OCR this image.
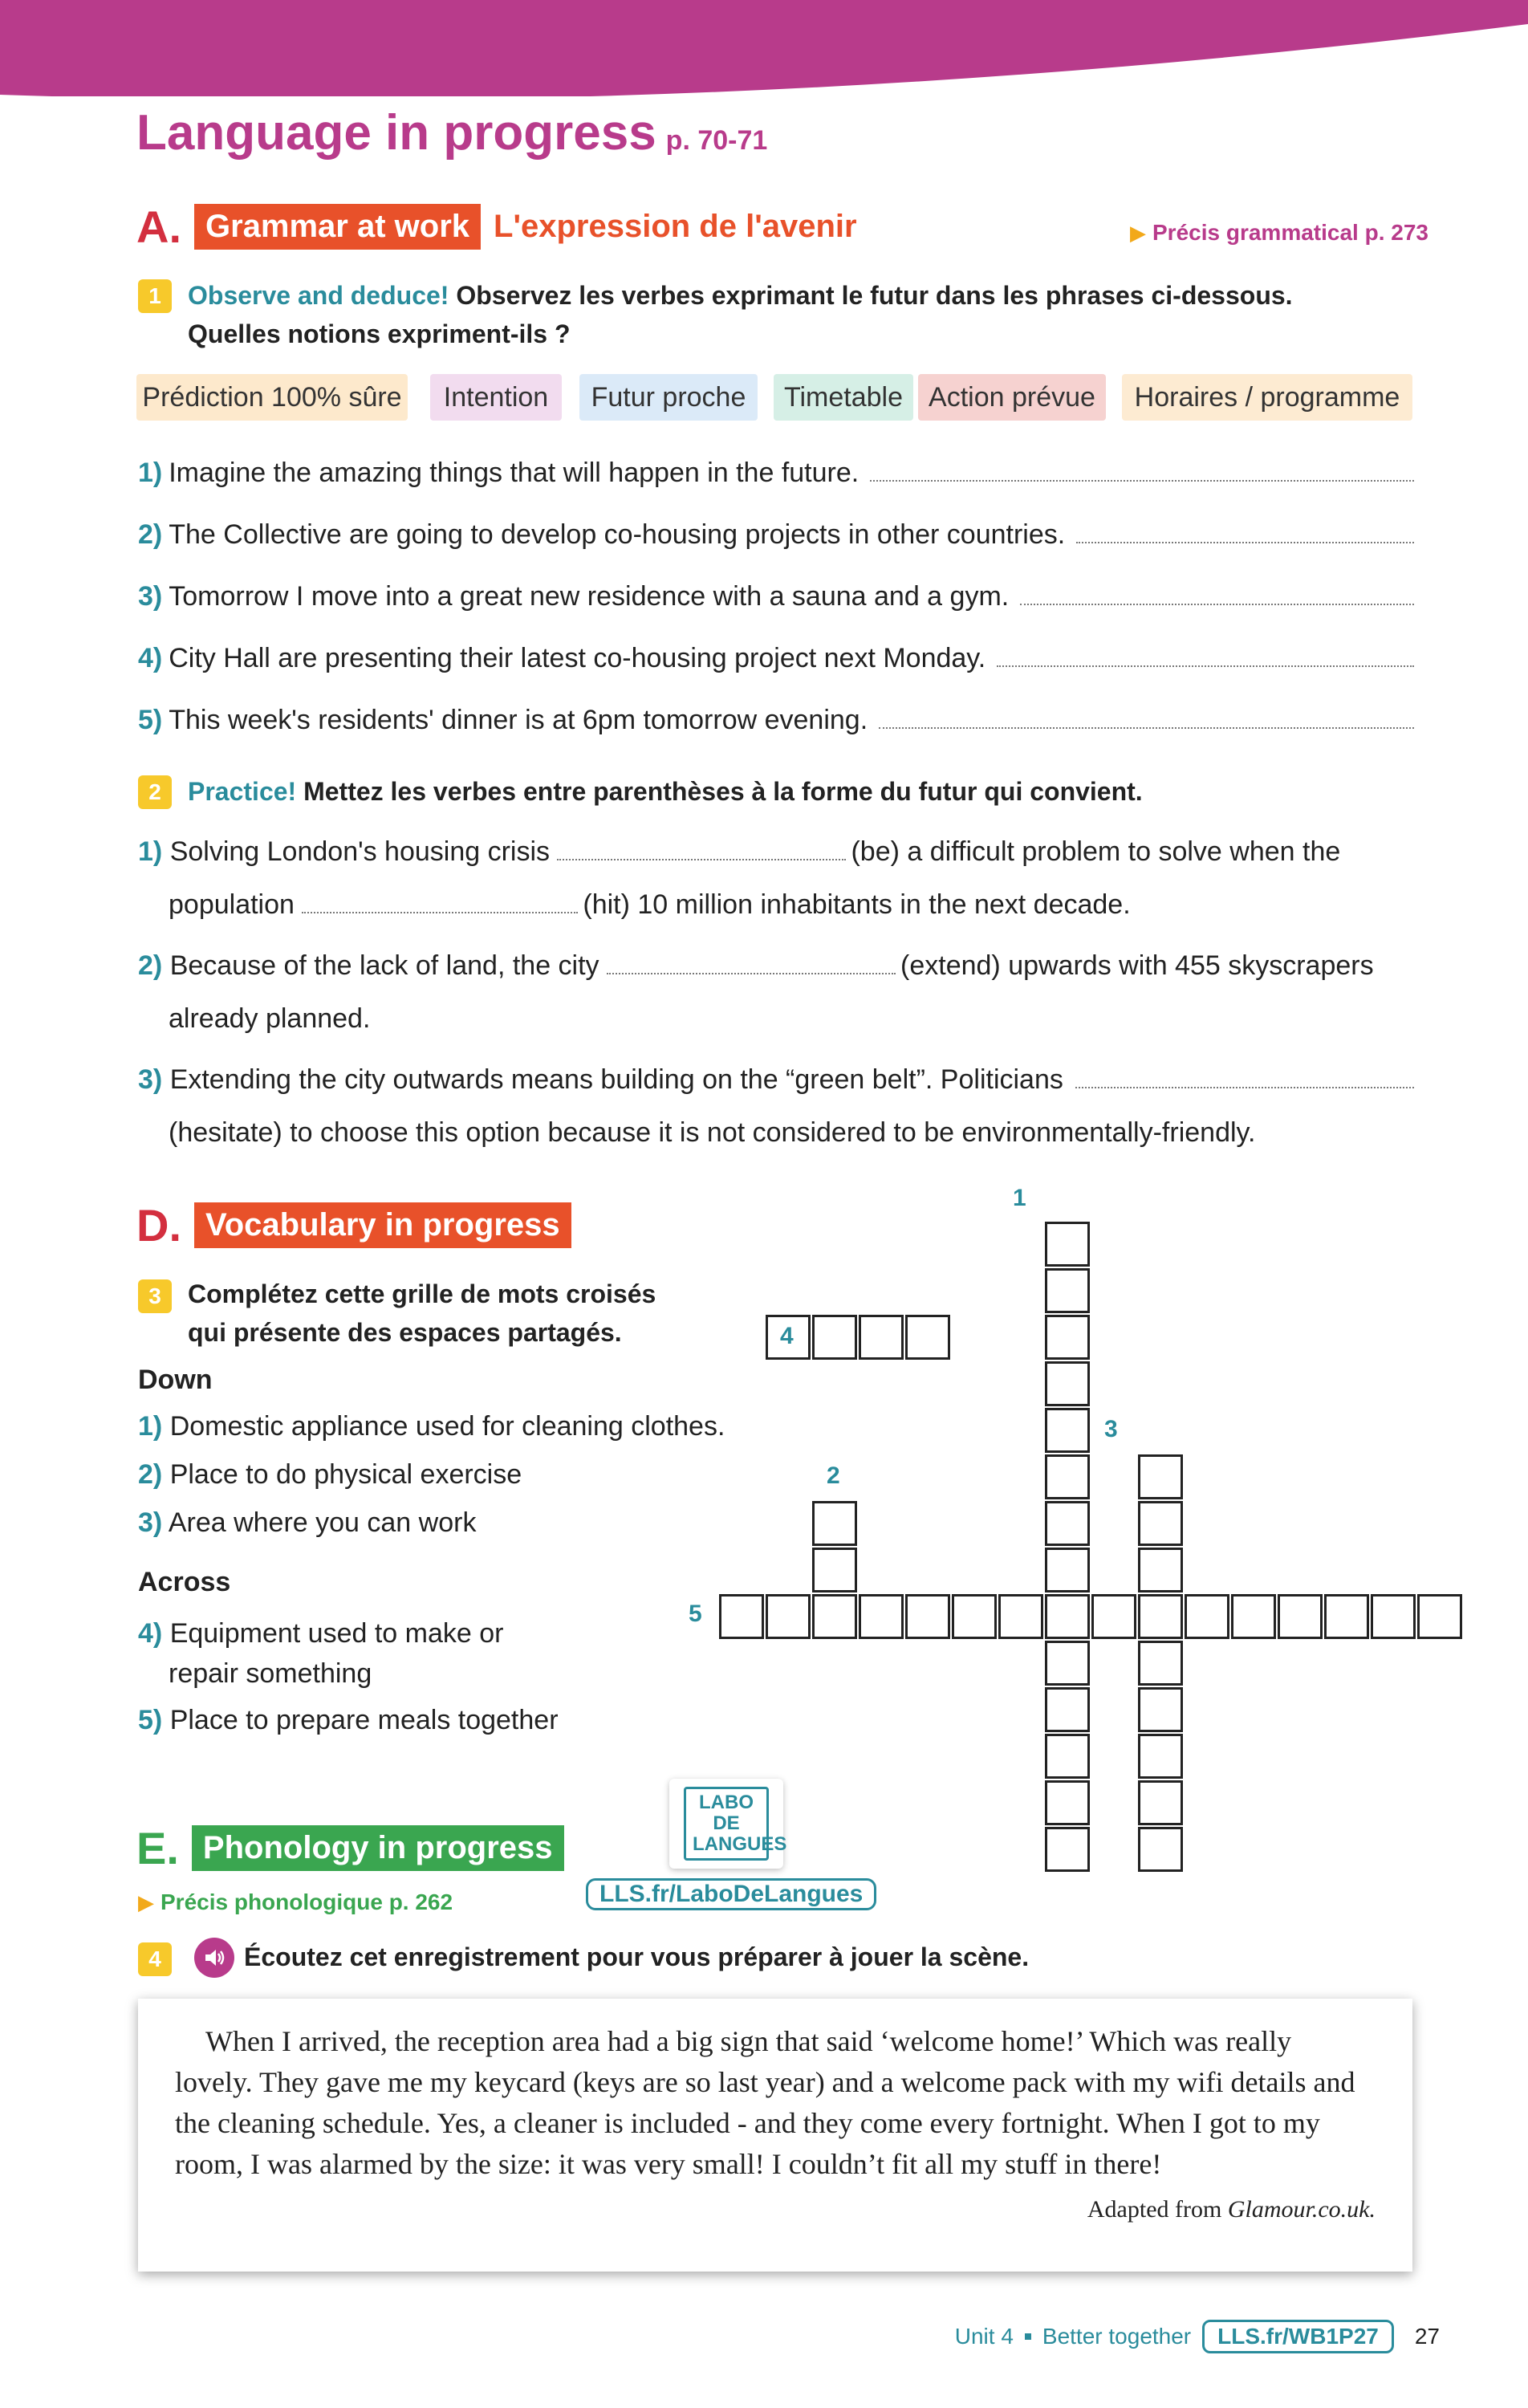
Language in progress p. 70-71
A. Grammar at work L'expression de l'avenir	▶ Précis grammatical p. 273
1	Observe and deduce! Observez les verbes exprimant le futur dans les phrases ci-dessous.
Quelles notions expriment-ils ?
Prédiction 100% sûre	Intention	Futur proche	Timetable Action prévue	Horaires / programme
1) Imagine the amazing things that will happen in the future.
2) The Collective are going to develop co-housing projects in other countries.
3) Tomorrow I move into a great new residence with a sauna and a gym.
4) City Hall are presenting their latest co-housing project next Monday.
5) This week's residents' dinner is at 6pm tomorrow evening.
2	Practice! Mettez les verbes entre parenthèses à la forme du futur qui convient.
1)
Solving London's housing crisis
	(be) a difficult problem to solve when the
population
	(hit) 10 million inhabitants in the next decade.
2)
Because of the lack of land, the city
	(extend) upwards with 455 skyscrapers
already planned.
3)
Extending the city outwards means building on the “green belt”. Politicians

(hesitate) to choose this option because it is not considered to be environmentally-friendly.
D. Vocabulary in progress
3	Complétez cette grille de mots croisés
qui présente des espaces partagés.
Down
1) Domestic appliance used for cleaning clothes.
2) Place to do physical exercise
3) Area where you can work
Across
4) Equipment used to make or
repair something
5) Place to prepare meals together
1
2
3
4
5
E. Phonology in progress
▶ Précis phonologique p. 262
LABO DE LANGUES
LLS.fr/LaboDeLangues
4	Écoutez cet enregistrement pour vous préparer à jouer la scène.

When I arrived, the reception area had a big sign that said ‘welcome home!’ Which was really lovely. They gave me my keycard (keys are so last year) and a welcome pack with my wifi details and the cleaning schedule. Yes, a cleaner is included - and they come every fortnight. When I got to my room, I was alarmed by the size: it was very small! I couldn’t fit all my stuff in there!

Adapted from Glamour.co.uk.
Unit 4 Better together	LLS.fr/WB1P27	27
